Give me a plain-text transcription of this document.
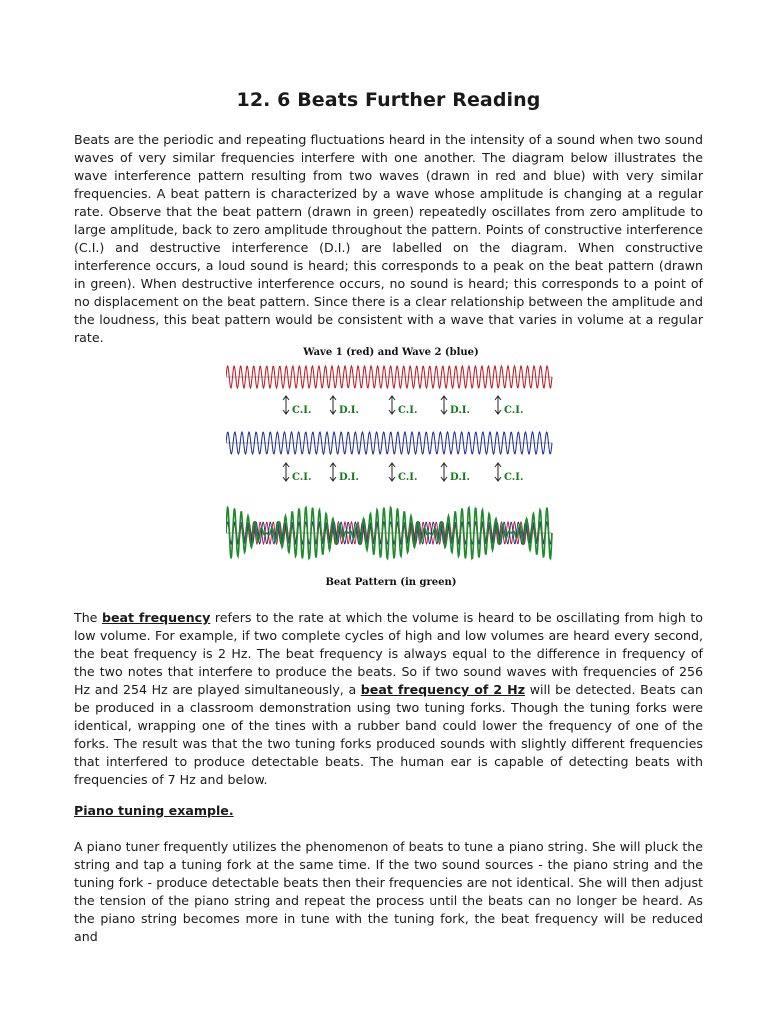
12. 6 Beats Further Reading

Beats are the periodic and repeating fluctuations heard in the intensity of a sound when two sound waves of very similar frequencies interfere with one another. The diagram below illustrates the wave interference pattern resulting from two waves (drawn in red and blue) with very similar frequencies. A beat pattern is characterized by a wave whose amplitude is changing at a regular rate. Observe that the beat pattern (drawn in green) repeatedly oscillates from zero amplitude to large amplitude, back to zero amplitude throughout the pattern. Points of constructive interference (C.I.) and destructive interference (D.I.) are labelled on the diagram. When constructive interference occurs, a loud sound is heard; this corresponds to a peak on the beat pattern (drawn in green). When destructive interference occurs, no sound is heard; this corresponds to a point of no displacement on the beat pattern. Since there is a clear relationship between the amplitude and the loudness, this beat pattern would be consistent with a wave that varies in volume at a regular rate.

Wave 1 (red) and Wave 2 (blue)
C.I.	D.I.	C.I.	D.I.	C.I.
C.I.	D.I.	C.I.	D.I.	C.I.
Beat Pattern (in green)

The beat frequency refers to the rate at which the volume is heard to be oscillating from high to low volume. For example, if two complete cycles of high and low volumes are heard every second, the beat frequency is 2 Hz. The beat frequency is always equal to the difference in frequency of the two notes that interfere to produce the beats. So if two sound waves with frequencies of 256 Hz and 254 Hz are played simultaneously, a beat frequency of 2 Hz will be detected. Beats can be produced in a classroom demonstration using two tuning forks. Though the tuning forks were identical, wrapping one of the tines with a rubber band could lower the frequency of one of the forks. The result was that the two tuning forks produced sounds with slightly different frequencies that interfered to produce detectable beats. The human ear is capable of detecting beats with frequencies of 7 Hz and below.

Piano tuning example.

A piano tuner frequently utilizes the phenomenon of beats to tune a piano string. She will pluck the string and tap a tuning fork at the same time. If the two sound sources - the piano string and the tuning fork - produce detectable beats then their frequencies are not identical. She will then adjust the tension of the piano string and repeat the process until the beats can no longer be heard. As the piano string becomes more in tune with the tuning fork, the beat frequency will be reduced and
